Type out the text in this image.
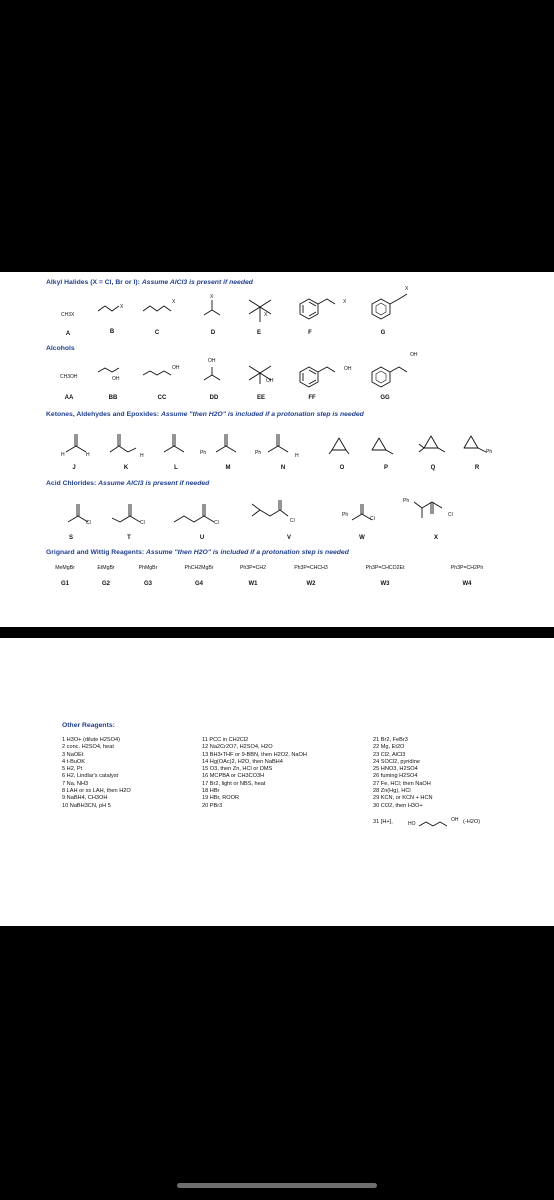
Alkyl Halides (X = Cl, Br or I): Assume AlCl3 is present if needed
CH3X
X
X
X
X
X
X
A	B	C	D	E	F	G
Alcohols
CH3OH	OH
OH
OH
OH
OH
OH
AA	BB	CC	DD	EE	FF	GG
Ketones, Aldehydes and Epoxides: Assume "then H2O" is included if a protonation step is needed
H	H	H	Ph	Ph	H
Ph
J	K	L	M	N	O	P	Q	R
Acid Chlorides: Assume AlCl3 is present if needed
Cl	Cl	Cl	Cl
Ph
Cl
Ph
Cl
S	T	U	V	W	X
Grignard and Wittig Reagents: Assume "then H2O" is included if a protonation step is needed
MeMgBr	EtMgBr	PhMgBr	PhCH2MgBr	Ph3P=CH2	Ph3P=CHCH3	Ph3P=CHCO2Et	Ph3P=CH2Ph
G1	G2	G3	G4	W1	W2	W3	W4
Other Reagents:
1 H3O+ (dilute H2SO4)
2 conc. H2SO4, heat
3 NaOEt
4 t-BuOK
5 H2, Pt
6 H2, Lindlar's catalyst
7 Na, NH3
8 LAH or xs LAH, then H2O
9 NaBH4, CH3OH
10 NaBH3CN, pH 5
11 PCC in CH2Cl2
12 Na2Cr2O7, H2SO4, H2O
13 BH3•THF or 9-BBN, then H2O2, NaOH
14 Hg(OAc)2, H2O, then NaBH4
15 O3, then Zn, HCl or DMS
16 MCPBA or CH3CO3H
17 Br2, light or NBS, heat
18 HBr
19 HBr, ROOR
20 PBr3
21 Br2, FeBr3
22 Mg, Et2O
23 Cl2, AlCl3
24 SOCl2, pyridine
25 HNO3, H2SO4
26 fuming H2SO4
27 Fe, HCl; then NaOH
28 Zn(Hg), HCl
29 KCN, or KCN + HCN
30 CO2, then H3O+
31 [H+],	HO
OH (-H2O)
